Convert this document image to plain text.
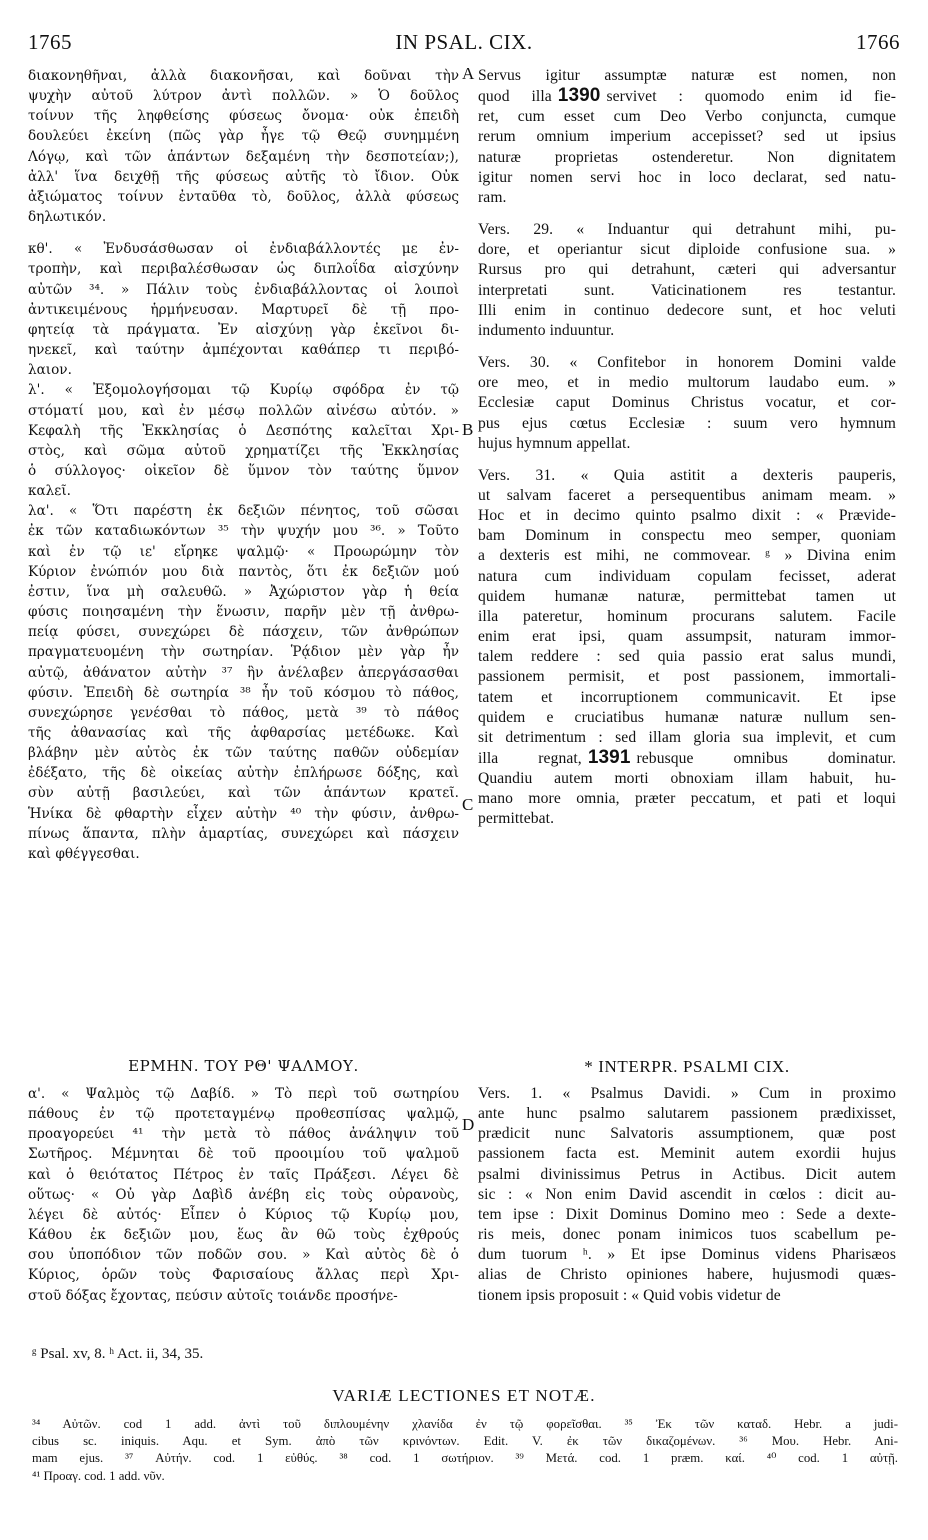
1765	IN PSAL. CIX.	1766
A
B
C
D
διακονηθῆναι, ἀλλὰ διακονῆσαι, καὶ δοῦναι τὴν
ψυχὴν αὐτοῦ λύτρον ἀντὶ πολλῶν. » Ὁ δοῦλος
τοίνυν τῆς ληφθείσης φύσεως ὄνομα· οὐκ ἐπειδὴ
δουλεύει ἐκείνη (πῶς γὰρ ἦγε τῷ Θεῷ συνημμένη
Λόγῳ, καὶ τῶν ἁπάντων δεξαμένη τὴν δεσποτείαν;),
ἀλλ' ἵνα δειχθῇ τῆς φύσεως αὐτῆς τὸ ἴδιον. Οὐκ
ἀξιώματος τοίνυν ἐνταῦθα τὸ, δοῦλος, ἀλλὰ φύσεως
δηλωτικόν.
κθ'. « Ἐνδυσάσθωσαν οἱ ἐνδιαβάλλοντές με ἐν-
τροπὴν, καὶ περιβαλέσθωσαν ὡς διπλοΐδα αἰσχύνην
αὐτῶν ³⁴. » Πάλιν τοὺς ἐνδιαβάλλοντας οἱ λοιποὶ
ἀντικειμένους ἡρμήνευσαν. Μαρτυρεῖ δὲ τῇ προ-
φητείᾳ τὰ πράγματα. Ἐν αἰσχύνῃ γὰρ ἐκεῖνοι δι-
ηνεκεῖ, καὶ ταύτην ἀμπέχονται καθάπερ τι περιβό-
λαιον.
λ'. « Ἐξομολογήσομαι τῷ Κυρίῳ σφόδρα ἐν τῷ
στόματί μου, καὶ ἐν μέσῳ πολλῶν αἰνέσω αὐτόν. »
Κεφαλὴ τῆς Ἐκκλησίας ὁ Δεσπότης καλεῖται Χρι-
στὸς, καὶ σῶμα αὐτοῦ χρηματίζει τῆς Ἐκκλησίας
ὁ σύλλογος· οἰκεῖον δὲ ὕμνον τὸν ταύτης ὕμνον
καλεῖ.
λα'. « Ὅτι παρέστη ἐκ δεξιῶν πένητος, τοῦ σῶσαι
ἐκ τῶν καταδιωκόντων ³⁵ τὴν ψυχήν μου ³⁶. » Τοῦτο
καὶ ἐν τῷ ιε' εἴρηκε ψαλμῷ· « Προωρώμην τὸν
Κύριον ἐνώπιόν μου διὰ παντὸς, ὅτι ἐκ δεξιῶν μού
ἐστιν, ἵνα μὴ σαλευθῶ. » Ἀχώριστον γὰρ ἡ θεία
φύσις ποιησαμένη τὴν ἕνωσιν, παρῆν μὲν τῇ ἀνθρω-
πείᾳ φύσει, συνεχώρει δὲ πάσχειν, τῶν ἀνθρώπων
πραγματευομένη τὴν σωτηρίαν. Ῥᾴδιον μὲν γὰρ ἦν
αὐτῷ, ἀθάνατον αὐτὴν ³⁷ ἣν ἀνέλαβεν ἀπεργάσασθαι
φύσιν. Ἐπειδὴ δὲ σωτηρία ³⁸ ἦν τοῦ κόσμου τὸ πάθος,
συνεχώρησε γενέσθαι τὸ πάθος, μετὰ ³⁹ τὸ πάθος
τῆς ἀθανασίας καὶ τῆς ἀφθαρσίας μετέδωκε. Καὶ
βλάβην μὲν αὐτὸς ἐκ τῶν ταύτης παθῶν οὐδεμίαν
ἐδέξατο, τῆς δὲ οἰκείας αὐτὴν ἐπλήρωσε δόξης, καὶ
σὺν αὐτῇ βασιλεύει, καὶ τῶν ἁπάντων κρατεῖ.
Ἡνίκα δὲ φθαρτὴν εἶχεν αὐτὴν ⁴⁰ τὴν φύσιν, ἀνθρω-
πίνως ἅπαντα, πλὴν ἁμαρτίας, συνεχώρει καὶ πάσχειν
καὶ φθέγγεσθαι.
ΕΡΜΗΝ. ΤΟΥ ΡΘ' ΨΑΛΜΟΥ.
α'. « Ψαλμὸς τῷ Δαβίδ. » Τὸ περὶ τοῦ σωτηρίου
πάθους ἐν τῷ προτεταγμένῳ προθεσπίσας ψαλμῷ,
προαγορεύει ⁴¹ τὴν μετὰ τὸ πάθος ἀνάληψιν τοῦ
Σωτῆρος. Μέμνηται δὲ τοῦ προοιμίου τοῦ ψαλμοῦ
καὶ ὁ θειότατος Πέτρος ἐν ταῖς Πράξεσι. Λέγει δὲ
οὕτως· « Οὐ γὰρ Δαβὶδ ἀνέβη εἰς τοὺς οὐρανοὺς,
λέγει δὲ αὐτός· Εἶπεν ὁ Κύριος τῷ Κυρίῳ μου,
Κάθου ἐκ δεξιῶν μου, ἕως ἂν θῶ τοὺς ἐχθρούς
σου ὑποπόδιον τῶν ποδῶν σου. » Καὶ αὐτὸς δὲ ὁ
Κύριος, ὁρῶν τοὺς Φαρισαίους ἄλλας περὶ Χρι-
στοῦ δόξας ἔχοντας, πεύσιν αὐτοῖς τοιάνδε προσήνε-
Servus igitur assumptæ naturæ est nomen, non
quod illa 1390 servivet : quomodo enim id fie-
ret, cum esset cum Deo Verbo conjuncta, cumque
rerum omnium imperium accepisset? sed ut ipsius
naturæ proprietas ostenderetur. Non dignitatem
igitur nomen servi hoc in loco declarat, sed natu-
ram.
Vers. 29. « Induantur qui detrahunt mihi, pu-
dore, et operiantur sicut diploide confusione sua. »
Rursus pro qui detrahunt, cæteri qui adversantur
interpretati sunt. Vaticinationem res testantur.
Illi enim in continuo dedecore sunt, et hoc veluti
indumento induuntur.
Vers. 30. « Confitebor in honorem Domini valde
ore meo, et in medio multorum laudabo eum. »
Ecclesiæ caput Dominus Christus vocatur, et cor-
pus ejus cœtus Ecclesiæ : suum vero hymnum
hujus hymnum appellat.
Vers. 31. « Quia astitit a dexteris pauperis,
ut salvam faceret a persequentibus animam meam. »
Hoc et in decimo quinto psalmo dixit : « Prævide-
bam Dominum in conspectu meo semper, quoniam
a dexteris est mihi, ne commovear. ᵍ » Divina enim
natura cum individuam copulam fecisset, aderat
quidem humanæ naturæ, permittebat tamen ut
illa pateretur, hominum procurans salutem. Facile
enim erat ipsi, quam assumpsit, naturam immor-
talem reddere : sed quia passio erat salus mundi,
passionem permisit, et post passionem, immortali-
tatem et incorruptionem communicavit. Et ipse
quidem e cruciatibus humanæ naturæ nullum sen-
sit detrimentum : sed illam gloria sua implevit, et cum
illa regnat, 1391 rebusque omnibus dominatur.
Quandiu autem morti obnoxiam illam habuit, hu-
mano more omnia, præter peccatum, et pati et loqui
permittebat.
* INTERPR. PSALMI CIX.
Vers. 1. « Psalmus Davidi. » Cum in proximo
ante hunc psalmo salutarem passionem prædixisset,
prædicit nunc Salvatoris assumptionem, quæ post
passionem facta est. Meminit autem exordii hujus
psalmi divinissimus Petrus in Actibus. Dicit autem
sic : « Non enim David ascendit in cœlos : dicit au-
tem ipse : Dixit Dominus Domino meo : Sede a dexte-
ris meis, donec ponam inimicos tuos scabellum pe-
dum tuorum ʰ. » Et ipse Dominus videns Pharisæos
alias de Christo opiniones habere, hujusmodi quæs-
tionem ipsis proposuit : « Quid vobis videtur de
ᵍ Psal. xv, 8. ʰ Act. ii, 34, 35.
VARIÆ LECTIONES ET NOTÆ.
³⁴ Αὐτῶν. cod 1 add. ἀντὶ τοῦ διπλουμένην χλανίδα ἐν τῷ φορεῖσθαι. ³⁵ Ἐκ τῶν καταδ. Hebr. a judi-
cibus sc. iniquis. Aqu. et Sym. ἀπὸ τῶν κρινόντων. Edit. V. ἐκ τῶν δικαζομένων. ³⁶ Μου. Hebr. Ani-
mam ejus. ³⁷ Αὐτήν. cod. 1 εὐθύς. ³⁸ cod. 1 σωτήριον. ³⁹ Μετά. cod. 1 præm. καί. ⁴⁰ cod. 1 αὐτῇ.
⁴¹ Προαγ. cod. 1 add. νῦν.
